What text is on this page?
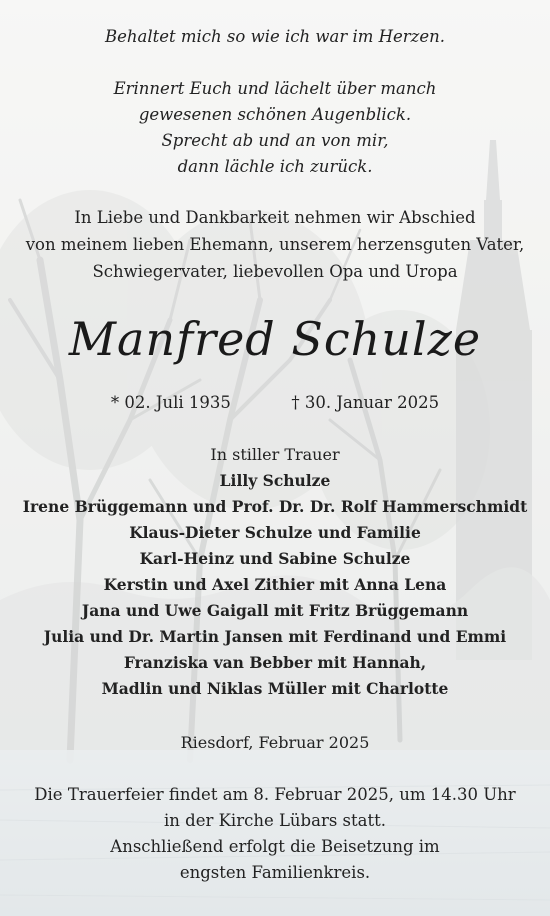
Behaltet mich so wie ich war im Herzen.
Erinnert Euch und lächelt über manch
gewesenen schönen Augenblick.
Sprecht ab und an von mir,
dann lächle ich zurück.
In Liebe und Dankbarkeit nehmen wir Abschied
von meinem lieben Ehemann, unserem herzensguten Vater,
Schwiegervater, liebevollen Opa und Uropa
Manfred Schulze
* 02. Juli 1935	† 30. Januar 2025
In stiller Trauer
Lilly Schulze
Irene Brüggemann und Prof. Dr. Dr. Rolf Hammerschmidt
Klaus-Dieter Schulze und Familie
Karl-Heinz und Sabine Schulze
Kerstin und Axel Zithier mit Anna Lena
Jana und Uwe Gaigall mit Fritz Brüggemann
Julia und Dr. Martin Jansen mit Ferdinand und Emmi
Franziska van Bebber mit Hannah,
Madlin und Niklas Müller mit Charlotte
Riesdorf, Februar 2025
Die Trauerfeier findet am 8. Februar 2025, um 14.30 Uhr
in der Kirche Lübars statt.
Anschließend erfolgt die Beisetzung im
engsten Familienkreis.
